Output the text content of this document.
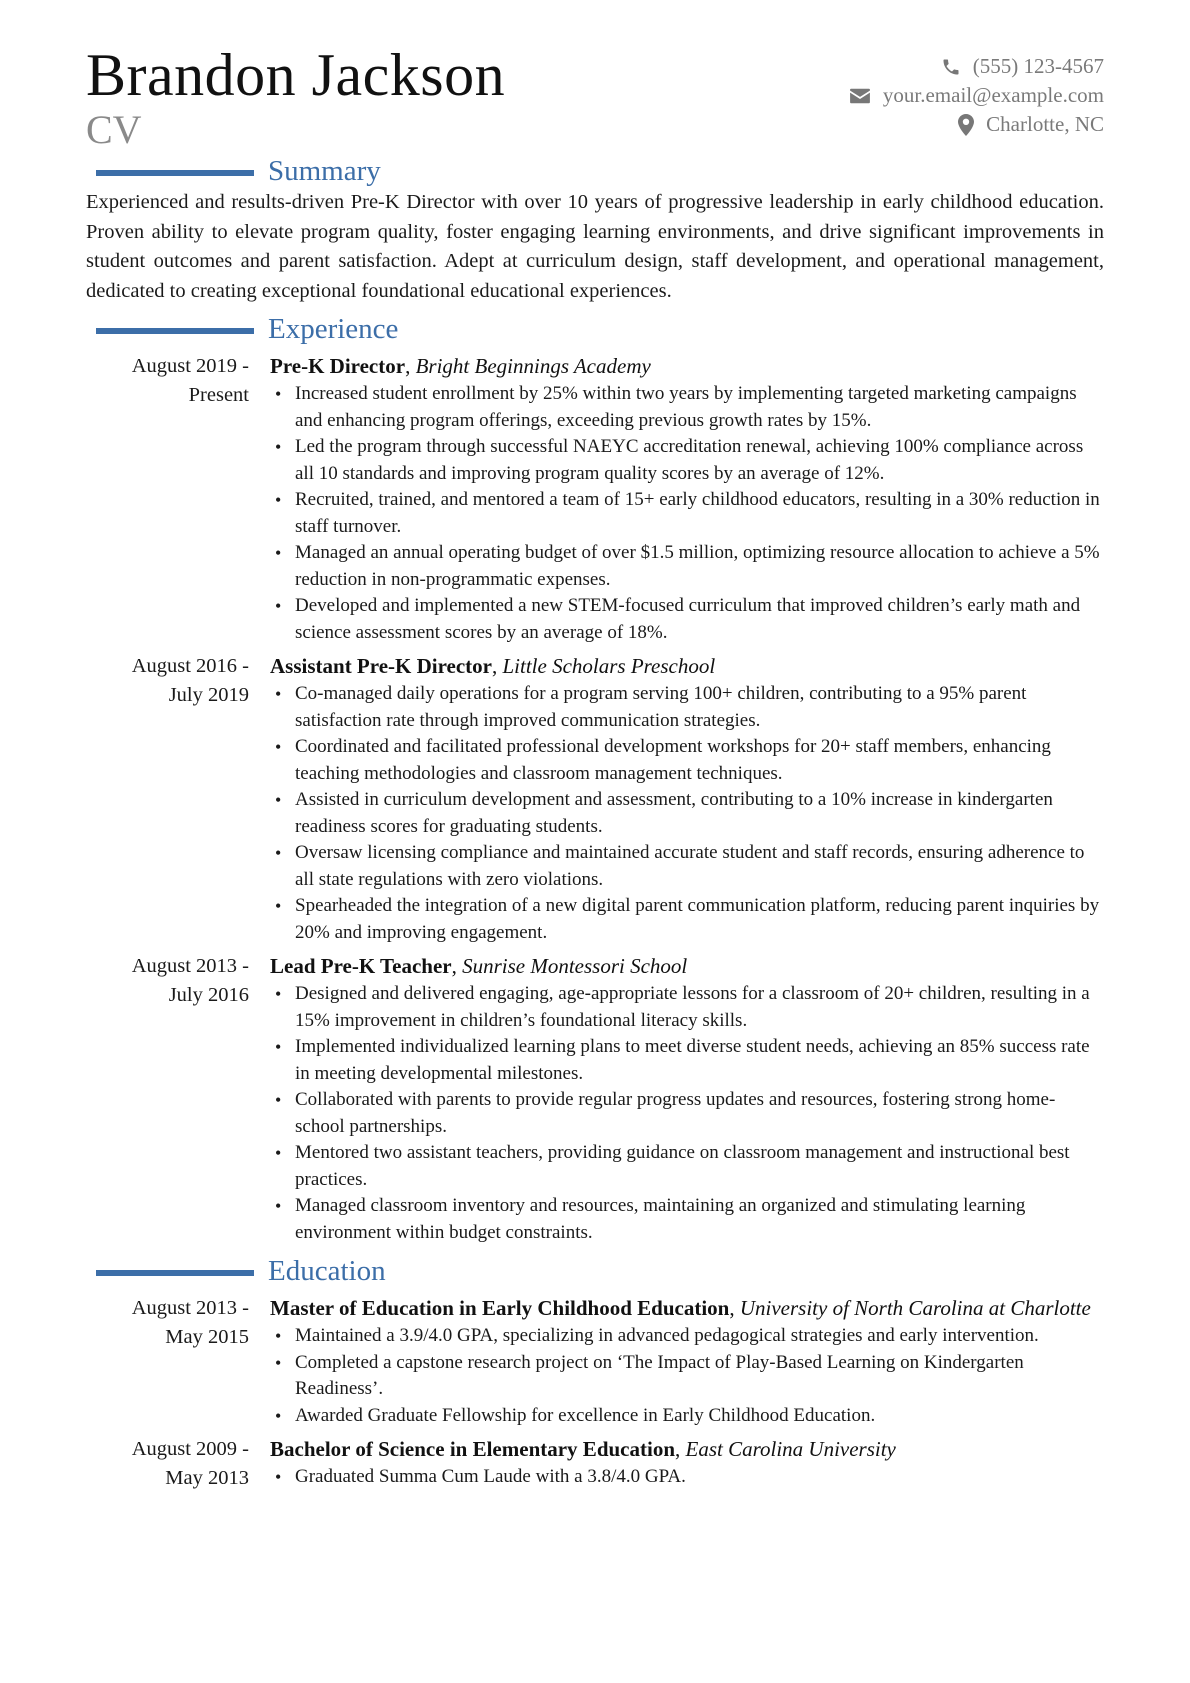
Brandon Jackson
CV
(555) 123-4567
your.email@example.com
Charlotte, NC
Summary

Experienced and results-driven Pre-K Director with over 10 years of progressive leadership in early childhood education. Proven ability to elevate program quality, foster engaging learning environments, and drive significant improvements in student outcomes and parent satisfaction. Adept at curriculum design, staff development, and operational management, dedicated to creating exceptional foundational educational experiences.

Experience
August 2019 -
Present
Pre-K Director, Bright Beginnings Academy
• Increased student enrollment by 25% within two years by implementing targeted marketing campaigns and enhancing program offerings, exceeding previous growth rates by 15%.
• Led the program through successful NAEYC accreditation renewal, achieving 100% compliance across all 10 standards and improving program quality scores by an average of 12%.
• Recruited, trained, and mentored a team of 15+ early childhood educators, resulting in a 30% reduction in staff turnover.
• Managed an annual operating budget of over $1.5 million, optimizing resource allocation to achieve a 5% reduction in non-programmatic expenses.
• Developed and implemented a new STEM-focused curriculum that improved children’s early math and science assessment scores by an average of 18%.
August 2016 -
July 2019
Assistant Pre-K Director, Little Scholars Preschool
• Co-managed daily operations for a program serving 100+ children, contributing to a 95% parent satisfaction rate through improved communication strategies.
• Coordinated and facilitated professional development workshops for 20+ staff members, enhancing teaching methodologies and classroom management techniques.
• Assisted in curriculum development and assessment, contributing to a 10% increase in kindergarten readiness scores for graduating students.
• Oversaw licensing compliance and maintained accurate student and staff records, ensuring adherence to all state regulations with zero violations.
• Spearheaded the integration of a new digital parent communication platform, reducing parent inquiries by 20% and improving engagement.
August 2013 -
July 2016
Lead Pre-K Teacher, Sunrise Montessori School
• Designed and delivered engaging, age-appropriate lessons for a classroom of 20+ children, resulting in a 15% improvement in children’s foundational literacy skills.
• Implemented individualized learning plans to meet diverse student needs, achieving an 85% success rate in meeting developmental milestones.
• Collaborated with parents to provide regular progress updates and resources, fostering strong home-school partnerships.
• Mentored two assistant teachers, providing guidance on classroom management and instructional best practices.
• Managed classroom inventory and resources, maintaining an organized and stimulating learning environment within budget constraints.
Education
August 2013 -
May 2015
Master of Education in Early Childhood Education, University of North Carolina at Charlotte
• Maintained a 3.9/4.0 GPA, specializing in advanced pedagogical strategies and early intervention.
• Completed a capstone research project on ‘The Impact of Play-Based Learning on Kindergarten Readiness’.
• Awarded Graduate Fellowship for excellence in Early Childhood Education.
August 2009 -
May 2013
Bachelor of Science in Elementary Education, East Carolina University
• Graduated Summa Cum Laude with a 3.8/4.0 GPA.
